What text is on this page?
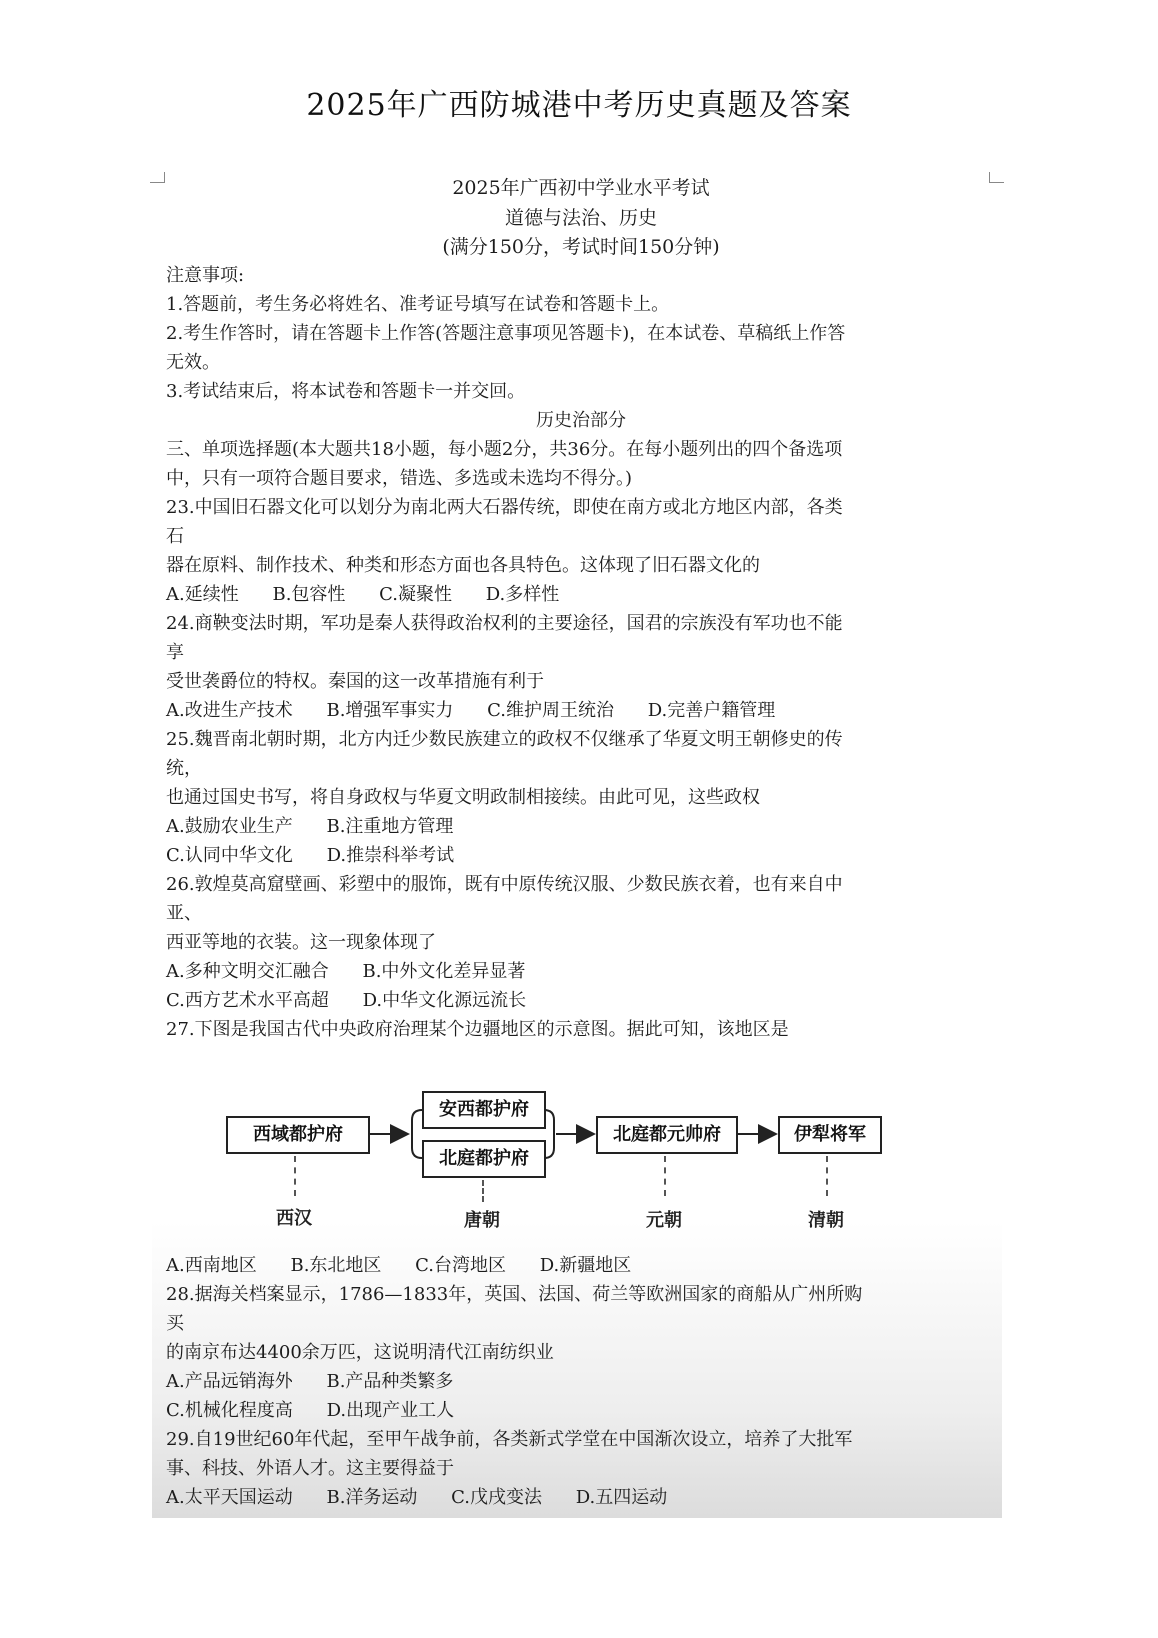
2025年广西防城港中考历史真题及答案
2025年广西初中学业水平考试
道德与法治、历史
(满分150分，考试时间150分钟)
注意事项:
1.答题前，考生务必将姓名、准考证号填写在试卷和答题卡上。
2.考生作答时，请在答题卡上作答(答题注意事项见答题卡)，在本试卷、草稿纸上作答
无效。
3.考试结束后，将本试卷和答题卡一并交回。
历史治部分
三、单项选择题(本大题共18小题，每小题2分，共36分。在每小题列出的四个备选项
中，只有一项符合题目要求，错选、多选或未选均不得分。)
23.中国旧石器文化可以划分为南北两大石器传统，即使在南方或北方地区内部，各类
石
器在原料、制作技术、种类和形态方面也各具特色。这体现了旧石器文化的
A.延续性 B.包容性 C.凝聚性 D.多样性
24.商鞅变法时期，军功是秦人获得政治权利的主要途径，国君的宗族没有军功也不能
享
受世袭爵位的特权。秦国的这一改革措施有利于
A.改进生产技术 B.增强军事实力 C.维护周王统治 D.完善户籍管理
25.魏晋南北朝时期，北方内迁少数民族建立的政权不仅继承了华夏文明王朝修史的传
统，
也通过国史书写，将自身政权与华夏文明政制相接续。由此可见，这些政权
A.鼓励农业生产 B.注重地方管理
C.认同中华文化 D.推崇科举考试
26.敦煌莫高窟壁画、彩塑中的服饰，既有中原传统汉服、少数民族衣着，也有来自中
亚、
西亚等地的衣装。这一现象体现了
A.多种文明交汇融合 B.中外文化差异显著
C.西方艺术水平高超 D.中华文化源远流长
27.下图是我国古代中央政府治理某个边疆地区的示意图。据此可知，该地区是
西域都护府
安西都护府
北庭都护府
北庭都元帅府	伊犁将军
西汉	唐朝	元朝	清朝
A.西南地区 B.东北地区 C.台湾地区 D.新疆地区
28.据海关档案显示，1786—1833年，英国、法国、荷兰等欧洲国家的商船从广州所购
买
的南京布达4400余万匹，这说明清代江南纺织业
A.产品远销海外 B.产品种类繁多
C.机械化程度高 D.出现产业工人
29.自19世纪60年代起，至甲午战争前，各类新式学堂在中国渐次设立，培养了大批军
事、科技、外语人才。这主要得益于
A.太平天国运动 B.洋务运动 C.戊戌变法 D.五四运动
